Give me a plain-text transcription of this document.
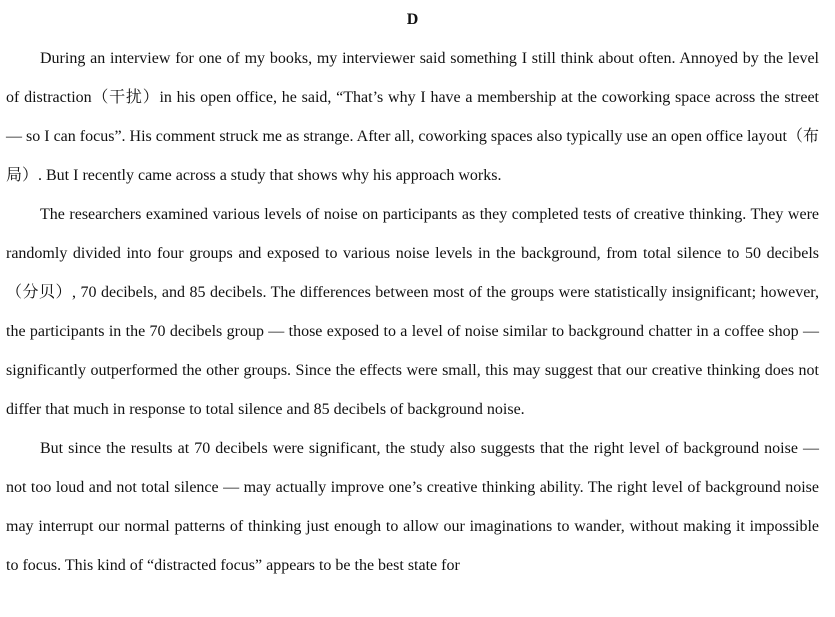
D

During an interview for one of my books, my interviewer said something I still think about often. Annoyed by the level of distraction（干扰）in his open office, he said, “That’s why I have a membership at the coworking space across the street — so I can focus”. His comment struck me as strange. After all, coworking spaces also typically use an open office layout（布局）. But I recently came across a study that shows why his approach works.

The researchers examined various levels of noise on participants as they completed tests of creative thinking. They were randomly divided into four groups and exposed to various noise levels in the background, from total silence to 50 decibels（分贝）, 70 decibels, and 85 decibels. The differences between most of the groups were statistically insignificant; however, the participants in the 70 decibels group — those exposed to a level of noise similar to background chatter in a coffee shop — significantly outperformed the other groups. Since the effects were small, this may suggest that our creative thinking does not differ that much in response to total silence and 85 decibels of background noise.

But since the results at 70 decibels were significant, the study also suggests that the right level of background noise — not too loud and not total silence — may actually improve one’s creative thinking ability. The right level of background noise may interrupt our normal patterns of thinking just enough to allow our imaginations to wander, without making it impossible to focus. This kind of “distracted focus” appears to be the best state for
